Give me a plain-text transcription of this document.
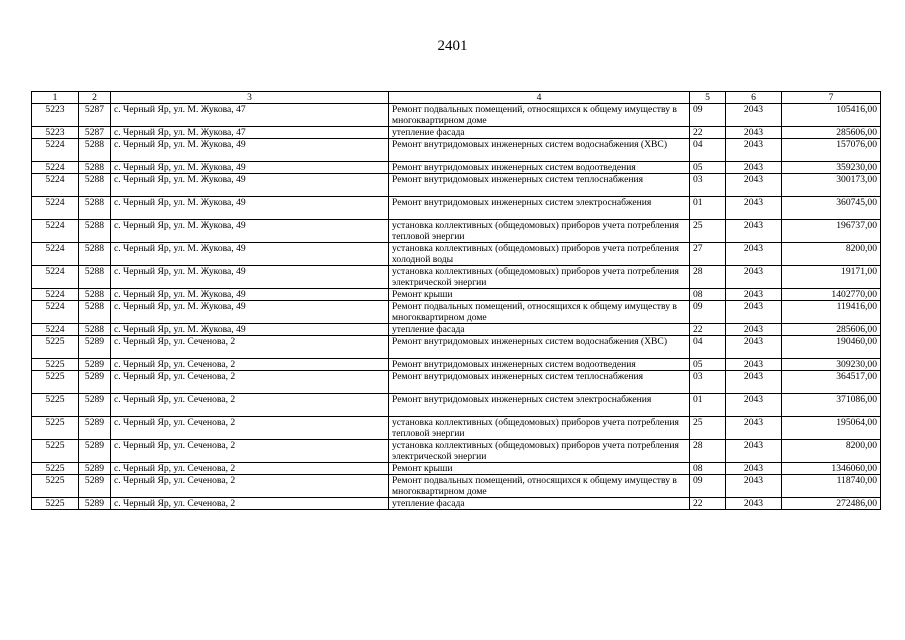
2401
1	2	3	4	5	6	7
5223	5287	с. Черный Яр, ул. М. Жукова, 47	Ремонт подвальных помещений, относящихся к общему имуществу в многоквартирном доме	09	2043	105416,00
5223	5287	с. Черный Яр, ул. М. Жукова, 47	утепление фасада	22	2043	285606,00
5224	5288	с. Черный Яр, ул. М. Жукова, 49	Ремонт внутридомовых инженерных систем водоснабжения (ХВС)	04	2043	157076,00
5224	5288	с. Черный Яр, ул. М. Жукова, 49	Ремонт внутридомовых инженерных систем водоотведения	05	2043	359230,00
5224	5288	с. Черный Яр, ул. М. Жукова, 49	Ремонт внутридомовых инженерных систем теплоснабжения	03	2043	300173,00
5224	5288	с. Черный Яр, ул. М. Жукова, 49	Ремонт внутридомовых инженерных систем электроснабжения	01	2043	360745,00
5224	5288	с. Черный Яр, ул. М. Жукова, 49	установка коллективных (общедомовых) приборов учета потребления тепловой энергии	25	2043	196737,00
5224	5288	с. Черный Яр, ул. М. Жукова, 49	установка коллективных (общедомовых) приборов учета потребления холодной воды	27	2043	8200,00
5224	5288	с. Черный Яр, ул. М. Жукова, 49	установка коллективных (общедомовых) приборов учета потребления электрической энергии	28	2043	19171,00
5224	5288	с. Черный Яр, ул. М. Жукова, 49	Ремонт крыши	08	2043	1402770,00
5224	5288	с. Черный Яр, ул. М. Жукова, 49	Ремонт подвальных помещений, относящихся к общему имуществу в многоквартирном доме	09	2043	119416,00
5224	5288	с. Черный Яр, ул. М. Жукова, 49	утепление фасада	22	2043	285606,00
5225	5289	с. Черный Яр, ул. Сеченова, 2	Ремонт внутридомовых инженерных систем водоснабжения (ХВС)	04	2043	190460,00
5225	5289	с. Черный Яр, ул. Сеченова, 2	Ремонт внутридомовых инженерных систем водоотведения	05	2043	309230,00
5225	5289	с. Черный Яр, ул. Сеченова, 2	Ремонт внутридомовых инженерных систем теплоснабжения	03	2043	364517,00
5225	5289	с. Черный Яр, ул. Сеченова, 2	Ремонт внутридомовых инженерных систем электроснабжения	01	2043	371086,00
5225	5289	с. Черный Яр, ул. Сеченова, 2	установка коллективных (общедомовых) приборов учета потребления тепловой энергии	25	2043	195064,00
5225	5289	с. Черный Яр, ул. Сеченова, 2	установка коллективных (общедомовых) приборов учета потребления электрической энергии	28	2043	8200,00
5225	5289	с. Черный Яр, ул. Сеченова, 2	Ремонт крыши	08	2043	1346060,00
5225	5289	с. Черный Яр, ул. Сеченова, 2	Ремонт подвальных помещений, относящихся к общему имуществу в многоквартирном доме	09	2043	118740,00
5225	5289	с. Черный Яр, ул. Сеченова, 2	утепление фасада	22	2043	272486,00
